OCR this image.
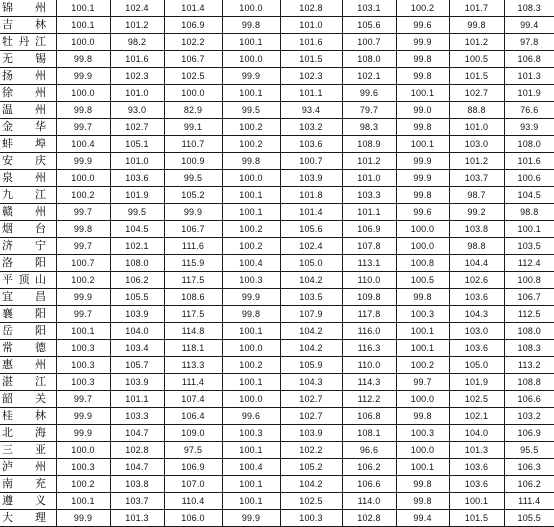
锦 州	100.1	102.4	101.4	100.0	102.8	103.1	100.2	101.7	108.3

吉 林	100.1	101.2	106.9	99.8	101.0	105.6	99.6	99.8	99.4

牡 丹 江	100.0	98.2	102.2	100.1	101.6	100.7	99.9	101.2	97.8

无 锡	99.8	101.6	106.7	100.0	101.5	108.0	99.8	100.5	106.8

扬 州	99.9	102.3	102.5	99.9	102.3	102.1	99.8	101.5	101.3

徐 州	100.0	101.0	100.0	100.1	101.1	99.6	100.1	102.7	101.9

温 州	99.8	93.0	82.9	99.5	93.4	79.7	99.0	88.8	76.6

金 华	99.7	102.7	99.1	100.2	103.2	98.3	99.8	101.0	93.9

蚌 埠	100.4	105.1	110.7	100.2	103.6	108.9	100.1	103.0	108.0

安 庆	99.9	101.0	100.9	99.8	100.7	101.2	99.9	101.2	101.6

泉 州	100.0	103.6	99.5	100.0	103.9	101.0	99.9	103.7	100.6

九 江	100.2	101.9	105.2	100.1	101.8	103.3	99.8	98.7	104.5

赣 州	99.7	99.5	99.9	100.1	101.4	101.1	99.6	99.2	98.8

烟 台	99.8	104.5	106.7	100.2	105.6	106.9	100.0	103.8	100.1

济 宁	99.7	102.1	111.6	100.2	102.4	107.8	100.0	98.8	103.5

洛 阳	100.7	108.0	115.9	100.4	105.0	113.1	100.8	104.4	112.4

平 顶 山	100.2	106.2	117.5	100.3	104.2	110.0	100.5	102.6	100.8

宜 昌	99.9	105.5	108.6	99.9	103.5	109.8	99.8	103.6	106.7

襄 阳	99.7	103.9	117.5	99.8	107.9	117.8	100.3	104.3	112.5

岳 阳	100.1	104.0	114.8	100.1	104.2	116.0	100.1	103.0	108.0

常 德	100.3	103.4	118.1	100.0	104.2	116.3	100.1	103.6	108.3

惠 州	100.3	105.7	113.3	100.2	105.9	110.0	100.2	105.0	113.2

湛 江	100.3	103.9	111.4	100.1	104.3	114.3	99.7	101.9	108.8

韶 关	99.7	101.1	107.4	100.0	102.7	112.2	100.0	102.5	106.6

桂 林	99.9	103.3	106.4	99.6	102.7	106.8	99.8	102.1	103.2

北 海	99.9	104.7	109.0	100.3	103.9	108.1	100.3	104.0	106.9

三 亚	100.0	102.8	97.5	100.1	102.2	96.6	100.0	101.3	95.5

泸 州	100.3	104.7	106.9	100.4	105.2	106.2	100.1	103.6	106.3

南 充	100.2	103.8	107.0	100.1	104.2	106.6	99.8	103.6	106.2

遵 义	100.1	103.7	110.4	100.1	102.5	114.0	99.8	100.1	111.4

大 理	99.9	101.3	106.0	99.9	100.3	102.8	99.4	101.5	105.5
